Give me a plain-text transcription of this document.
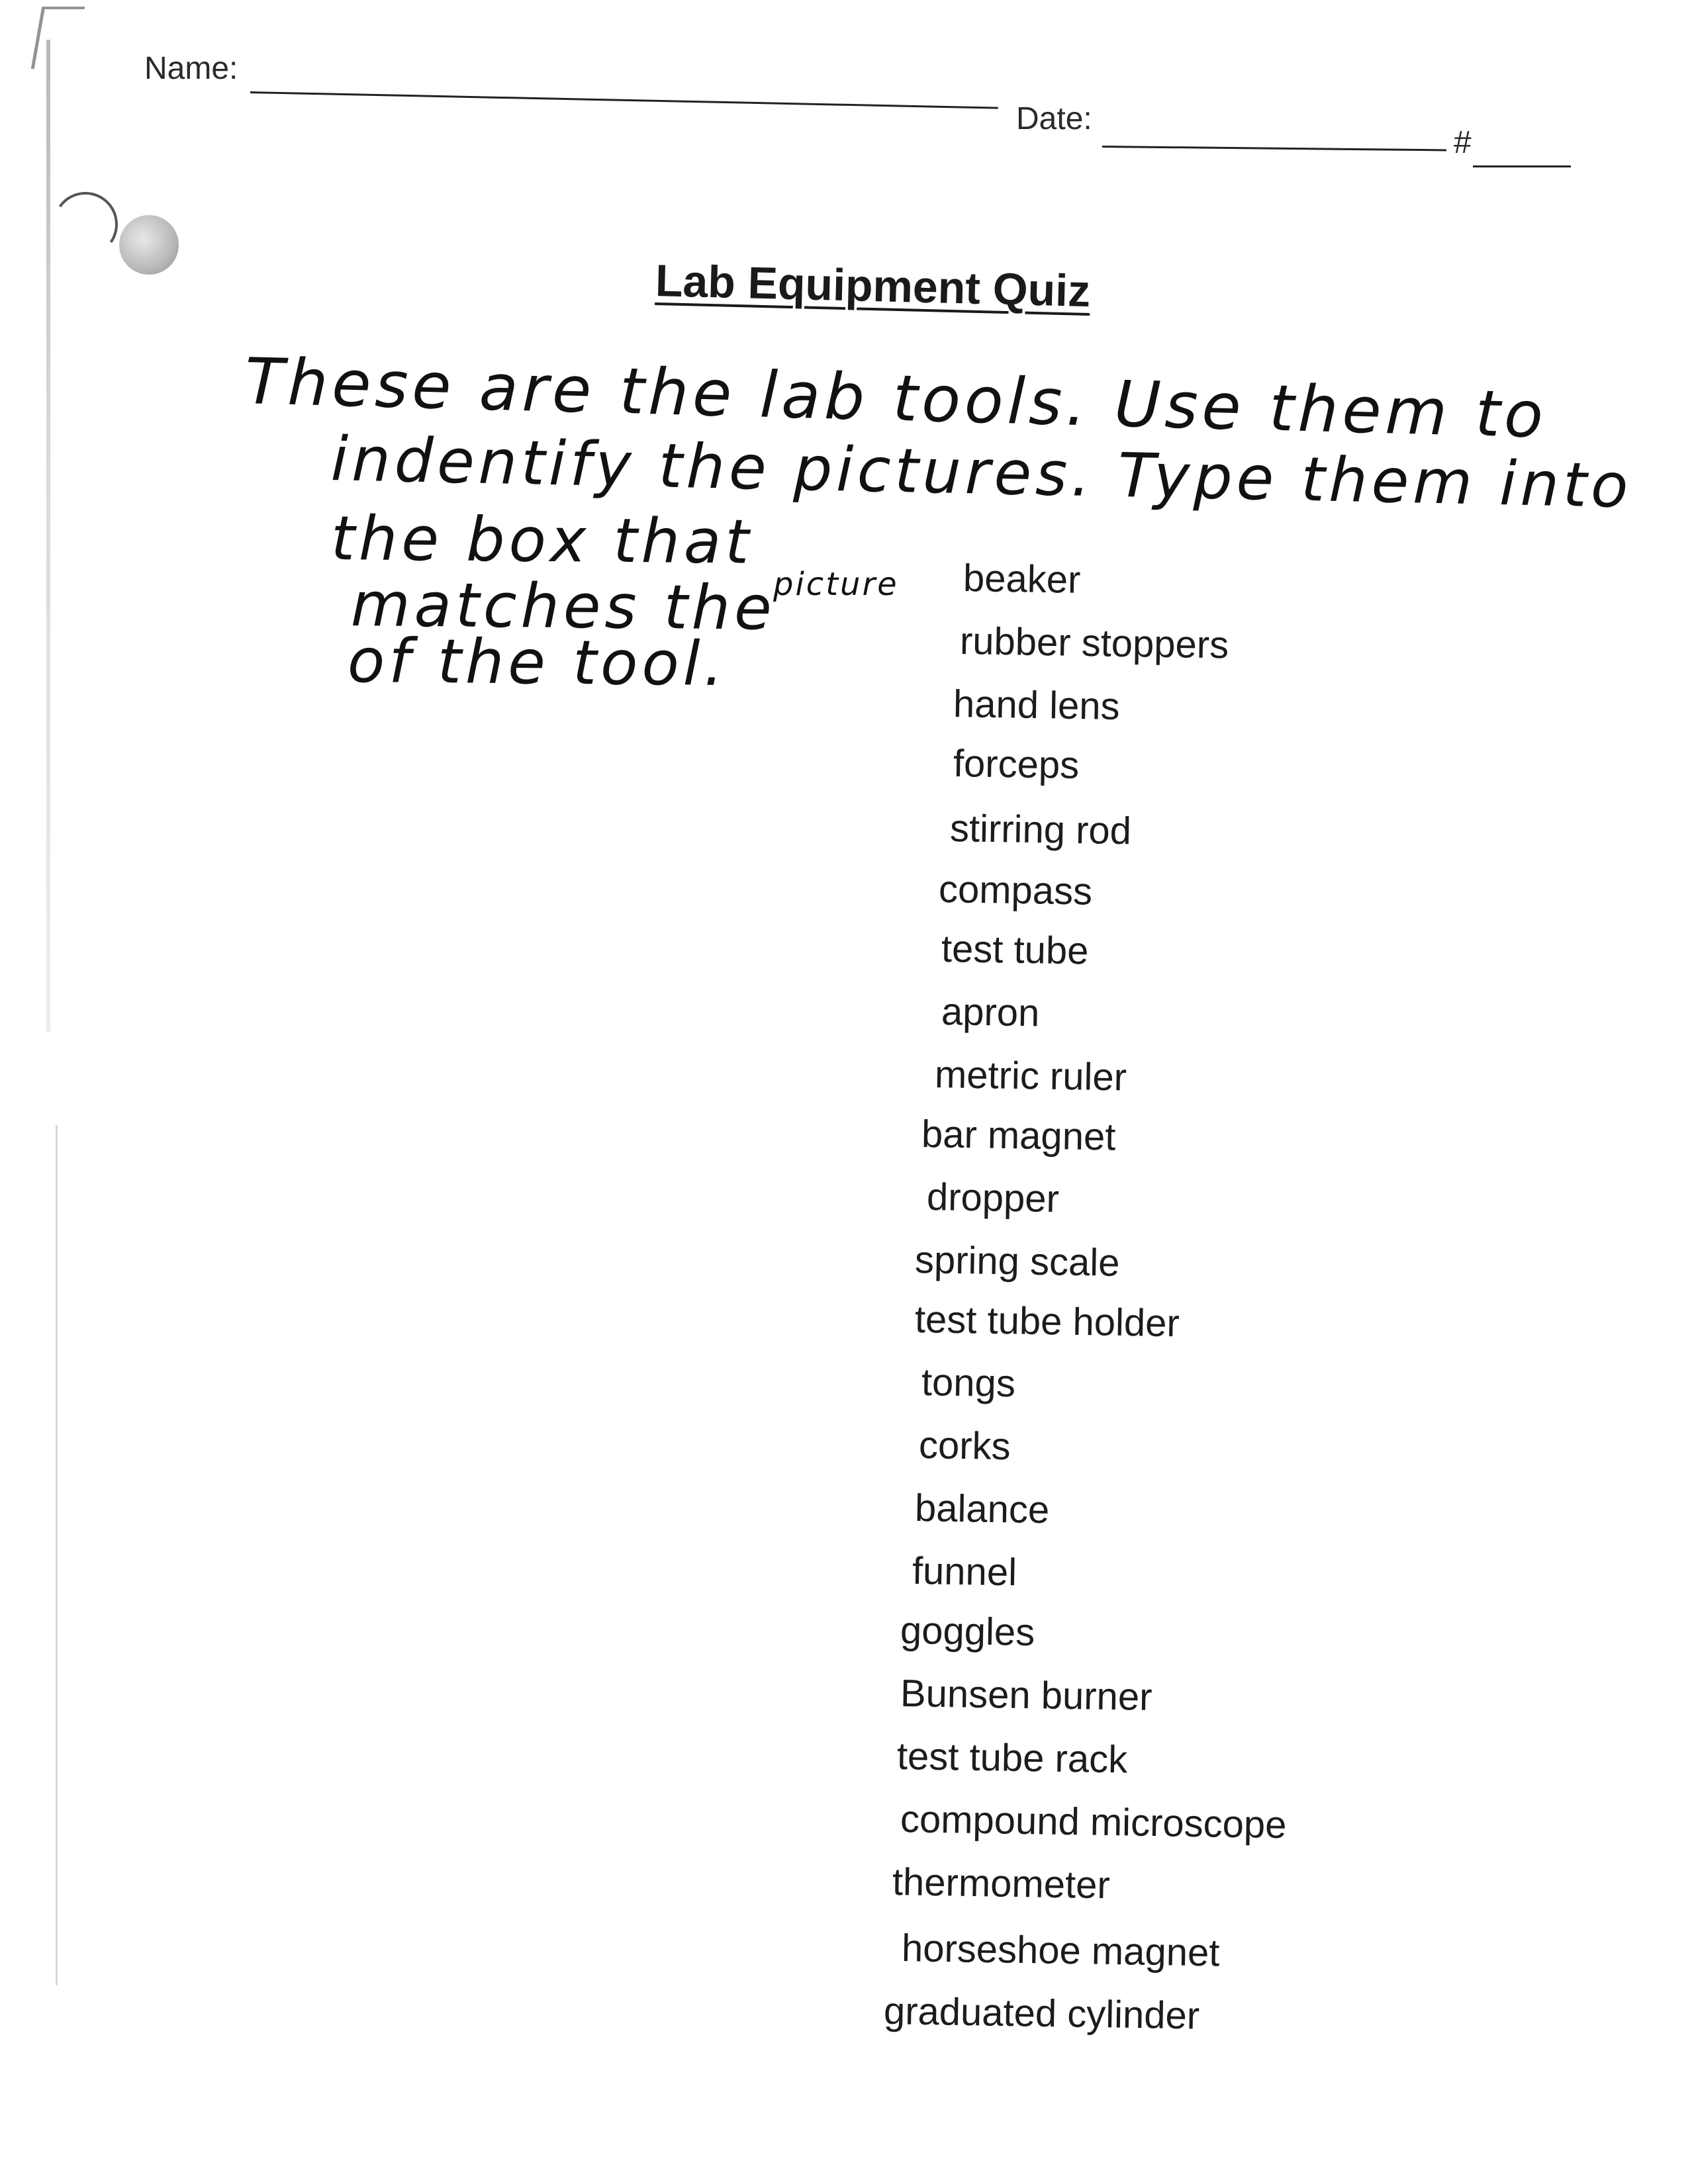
Name:
Date:
#
Lab Equipment Quiz
These are the lab tools. Use them to
indentify the pictures. Type them into
the box that
matches the
picture
of the tool.
beaker
rubber stoppers
hand lens
forceps
stirring rod
compass
test tube
apron
metric ruler
bar magnet
dropper
spring scale
test tube holder
tongs
corks
balance
funnel
goggles
Bunsen burner
test tube rack
compound microscope
thermometer
horseshoe magnet
graduated cylinder
